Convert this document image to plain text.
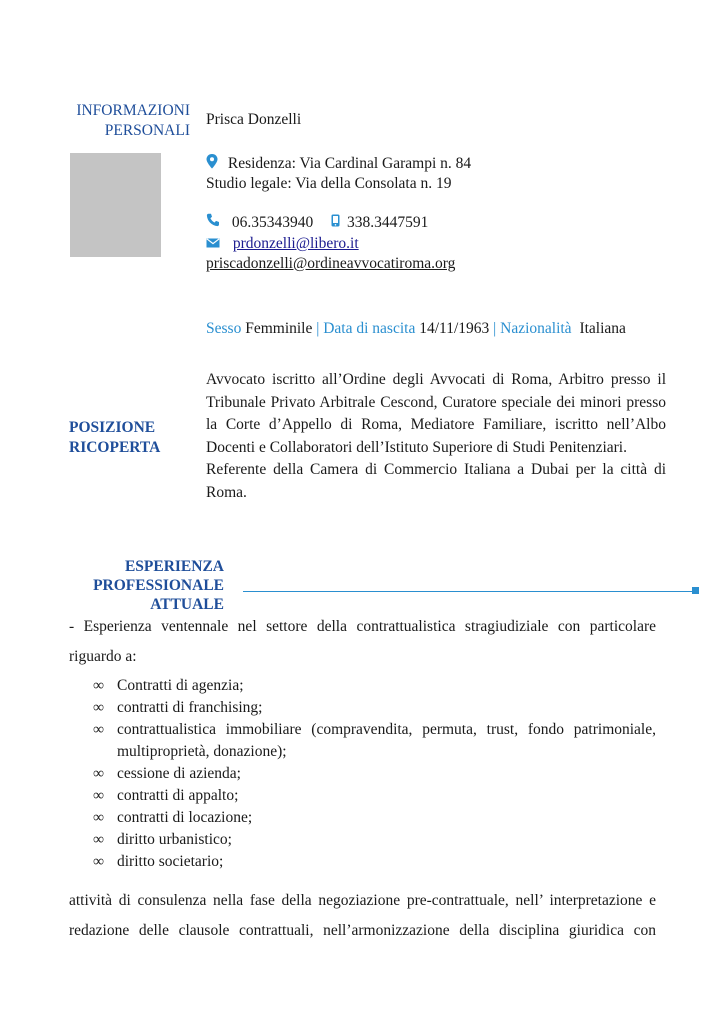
INFORMAZIONI
PERSONALI
Prisca Donzelli
Residenza: Via Cardinal Garampi n. 84
Studio legale: Via della Consolata n. 19
06.35343940 338.3447591
prdonzelli@libero.it
priscadonzelli@ordineavvocatiroma.org
Sesso Femminile | Data di nascita 14/11/1963 | Nazionalità Italiana
POSIZIONE
RICOPERTA

Avvocato iscritto all’Ordine degli Avvocati di Roma, Arbitro presso il Tribunale Privato Arbitrale Cescond, Curatore speciale dei minori presso la Corte d’Appello di Roma, Mediatore Familiare, iscritto nell’Albo Docenti e Collaboratori dell’Istituto Superiore di Studi Penitenziari.

Referente della Camera di Commercio Italiana a Dubai per la città di Roma.

ESPERIENZA
PROFESSIONALE
ATTUALE
- Esperienza ventennale nel settore della contrattualistica stragiudiziale con particolare riguardo a:
∞ Contratti di agenzia;
∞ contratti di franchising;
∞ contrattualistica immobiliare (compravendita, permuta, trust, fondo patrimoniale, multiproprietà, donazione);
∞ cessione di azienda;
∞ contratti di appalto;
∞ contratti di locazione;
∞ diritto urbanistico;
∞ diritto societario;
attività di consulenza nella fase della negoziazione pre-contrattuale, nell’ interpretazione e redazione delle clausole contrattuali, nell’armonizzazione della disciplina giuridica con
